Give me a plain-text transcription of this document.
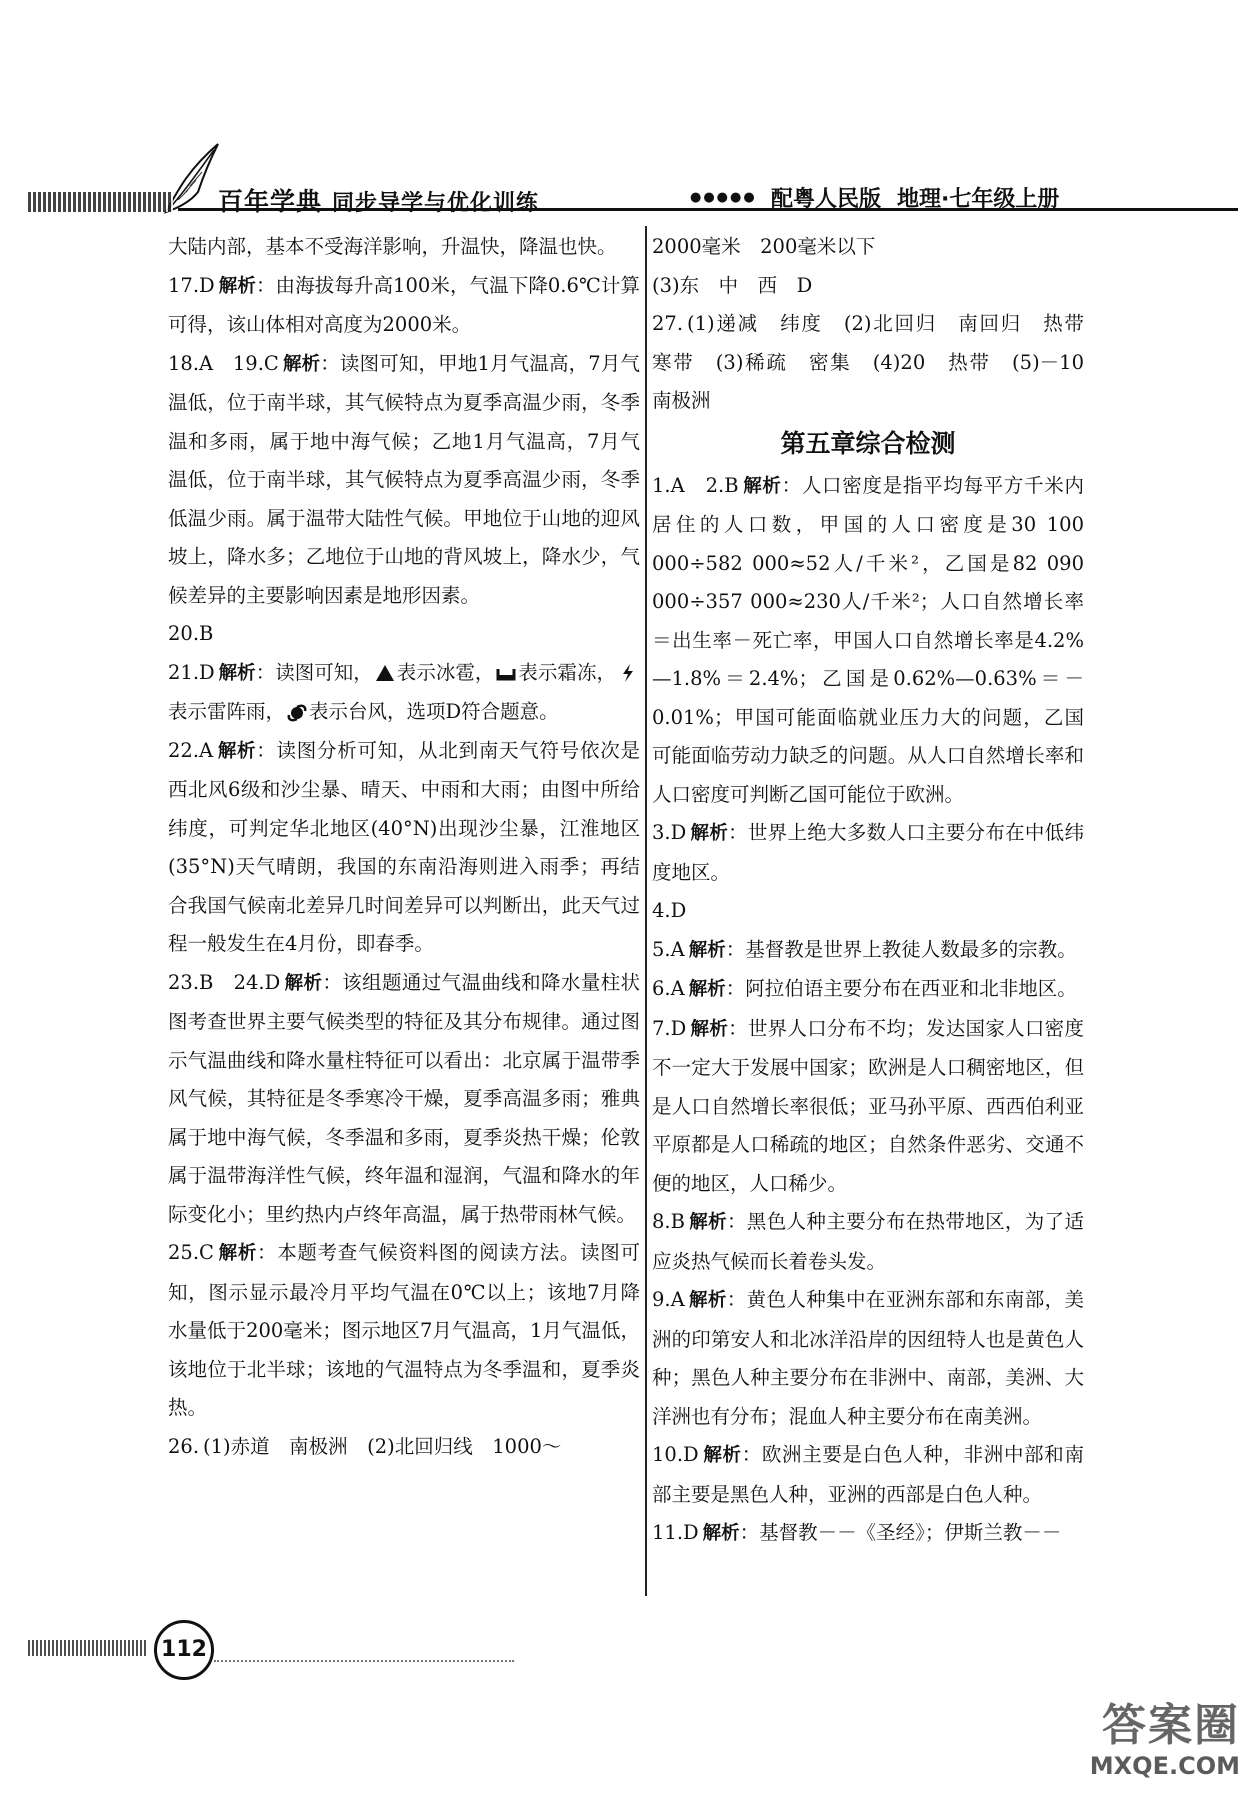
百年学典 同步导学与优化训练	●●●●● 配粤人民版 地理·七年级上册

大陆内部，基本不受海洋影响，升温快，降温也快。

17.D 解析：由海拔每升高100米，气温下降0.6℃计算可得，该山体相对高度为2000米。

18.A　19.C 解析：读图可知，甲地1月气温高，7月气温低，位于南半球，其气候特点为夏季高温少雨，冬季温和多雨，属于地中海气候；乙地1月气温高，7月气温低，位于南半球，其气候特点为夏季高温少雨，冬季低温少雨。属于温带大陆性气候。甲地位于山地的迎风坡上，降水多；乙地位于山地的背风坡上，降水少，气候差异的主要影响因素是地形因素。

20.B

21.D 解析：读图可知， 表示冰雹， 表示霜冻，表示雷阵雨， 表示台风，选项D符合题意。

22.A 解析：读图分析可知，从北到南天气符号依次是西北风6级和沙尘暴、晴天、中雨和大雨；由图中所给纬度，可判定华北地区(40°N)出现沙尘暴，江淮地区(35°N)天气晴朗，我国的东南沿海则进入雨季；再结合我国气候南北差异几时间差异可以判断出，此天气过程一般发生在4月份，即春季。

23.B　24.D 解析：该组题通过气温曲线和降水量柱状图考查世界主要气候类型的特征及其分布规律。通过图示气温曲线和降水量柱特征可以看出：北京属于温带季风气候，其特征是冬季寒冷干燥，夏季高温多雨；雅典属于地中海气候，冬季温和多雨，夏季炎热干燥；伦敦属于温带海洋性气候，终年温和湿润，气温和降水的年际变化小；里约热内卢终年高温，属于热带雨林气候。

25.C 解析：本题考查气候资料图的阅读方法。读图可知，图示显示最冷月平均气温在0℃以上；该地7月降水量低于200毫米；图示地区7月气温高，1月气温低，该地位于北半球；该地的气温特点为冬季温和，夏季炎热。

26. (1)赤道　南极洲　(2)北回归线　1000～

2000毫米　200毫米以下

(3)东　中　西　D

27. (1)递减　纬度　(2)北回归　南回归　热带　寒带　(3)稀疏　密集　(4)20　热带　(5)－10　南极洲

第五章综合检测

1.A　2.B 解析：人口密度是指平均每平方千米内居住的人口数，甲国的人口密度是30 100 000÷582 000≈52人/千米²，乙国是82 090 000÷357 000≈230人/千米²；人口自然增长率＝出生率－死亡率，甲国人口自然增长率是4.2%—1.8%＝2.4%；乙国是0.62%—0.63%＝－0.01%；甲国可能面临就业压力大的问题，乙国可能面临劳动力缺乏的问题。从人口自然增长率和人口密度可判断乙国可能位于欧洲。

3.D 解析：世界上绝大多数人口主要分布在中低纬度地区。

4.D

5.A 解析：基督教是世界上教徒人数最多的宗教。

6.A 解析：阿拉伯语主要分布在西亚和北非地区。

7.D 解析：世界人口分布不均；发达国家人口密度不一定大于发展中国家；欧洲是人口稠密地区，但是人口自然增长率很低；亚马孙平原、西西伯利亚平原都是人口稀疏的地区；自然条件恶劣、交通不便的地区，人口稀少。

8.B 解析：黑色人种主要分布在热带地区，为了适应炎热气候而长着卷头发。

9.A 解析：黄色人种集中在亚洲东部和东南部，美洲的印第安人和北冰洋沿岸的因纽特人也是黄色人种；黑色人种主要分布在非洲中、南部，美洲、大洋洲也有分布；混血人种主要分布在南美洲。

10.D 解析：欧洲主要是白色人种，非洲中部和南部主要是黑色人种，亚洲的西部是白色人种。

11.D 解析：基督教－－《圣经》；伊斯兰教－－

112
答案圈
MXQE.COM
